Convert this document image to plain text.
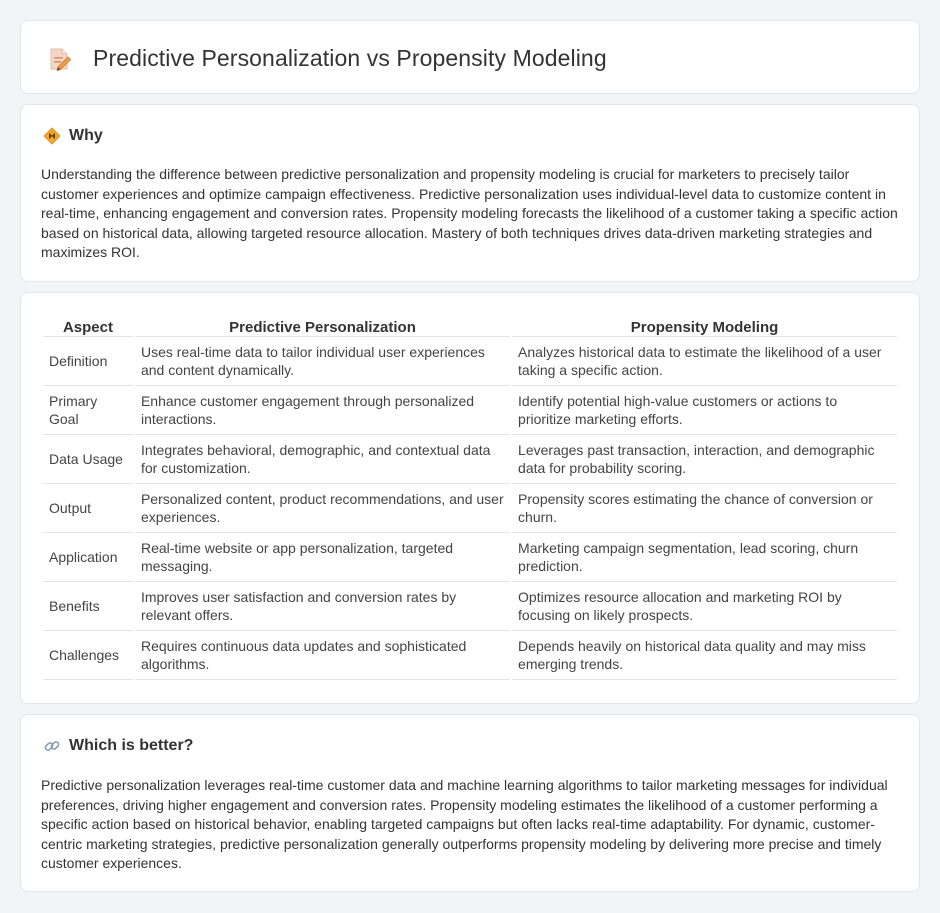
Predictive Personalization vs Propensity Modeling
Why

Understanding the difference between predictive personalization and propensity modeling is crucial for marketers to precisely tailor customer experiences and optimize campaign effectiveness. Predictive personalization uses individual-level data to customize content in real-time, enhancing engagement and conversion rates. Propensity modeling forecasts the likelihood of a customer taking a specific action based on historical data, allowing targeted resource allocation. Mastery of both techniques drives data-driven marketing strategies and maximizes ROI.

Aspect	Predictive Personalization	Propensity Modeling
Definition	Uses real-time data to tailor individual user experiences and content dynamically.	Analyzes historical data to estimate the likelihood of a user taking a specific action.
Primary Goal	Enhance customer engagement through personalized interactions.	Identify potential high-value customers or actions to prioritize marketing efforts.
Data Usage	Integrates behavioral, demographic, and contextual data for customization.	Leverages past transaction, interaction, and demographic data for probability scoring.
Output	Personalized content, product recommendations, and user experiences.	Propensity scores estimating the chance of conversion or churn.
Application	Real-time website or app personalization, targeted messaging.	Marketing campaign segmentation, lead scoring, churn prediction.
Benefits	Improves user satisfaction and conversion rates by relevant offers.	Optimizes resource allocation and marketing ROI by focusing on likely prospects.
Challenges	Requires continuous data updates and sophisticated algorithms.	Depends heavily on historical data quality and may miss emerging trends.
Which is better?

Predictive personalization leverages real-time customer data and machine learning algorithms to tailor marketing messages for individual preferences, driving higher engagement and conversion rates. Propensity modeling estimates the likelihood of a customer performing a specific action based on historical behavior, enabling targeted campaigns but often lacks real-time adaptability. For dynamic, customer-centric marketing strategies, predictive personalization generally outperforms propensity modeling by delivering more precise and timely customer experiences.
